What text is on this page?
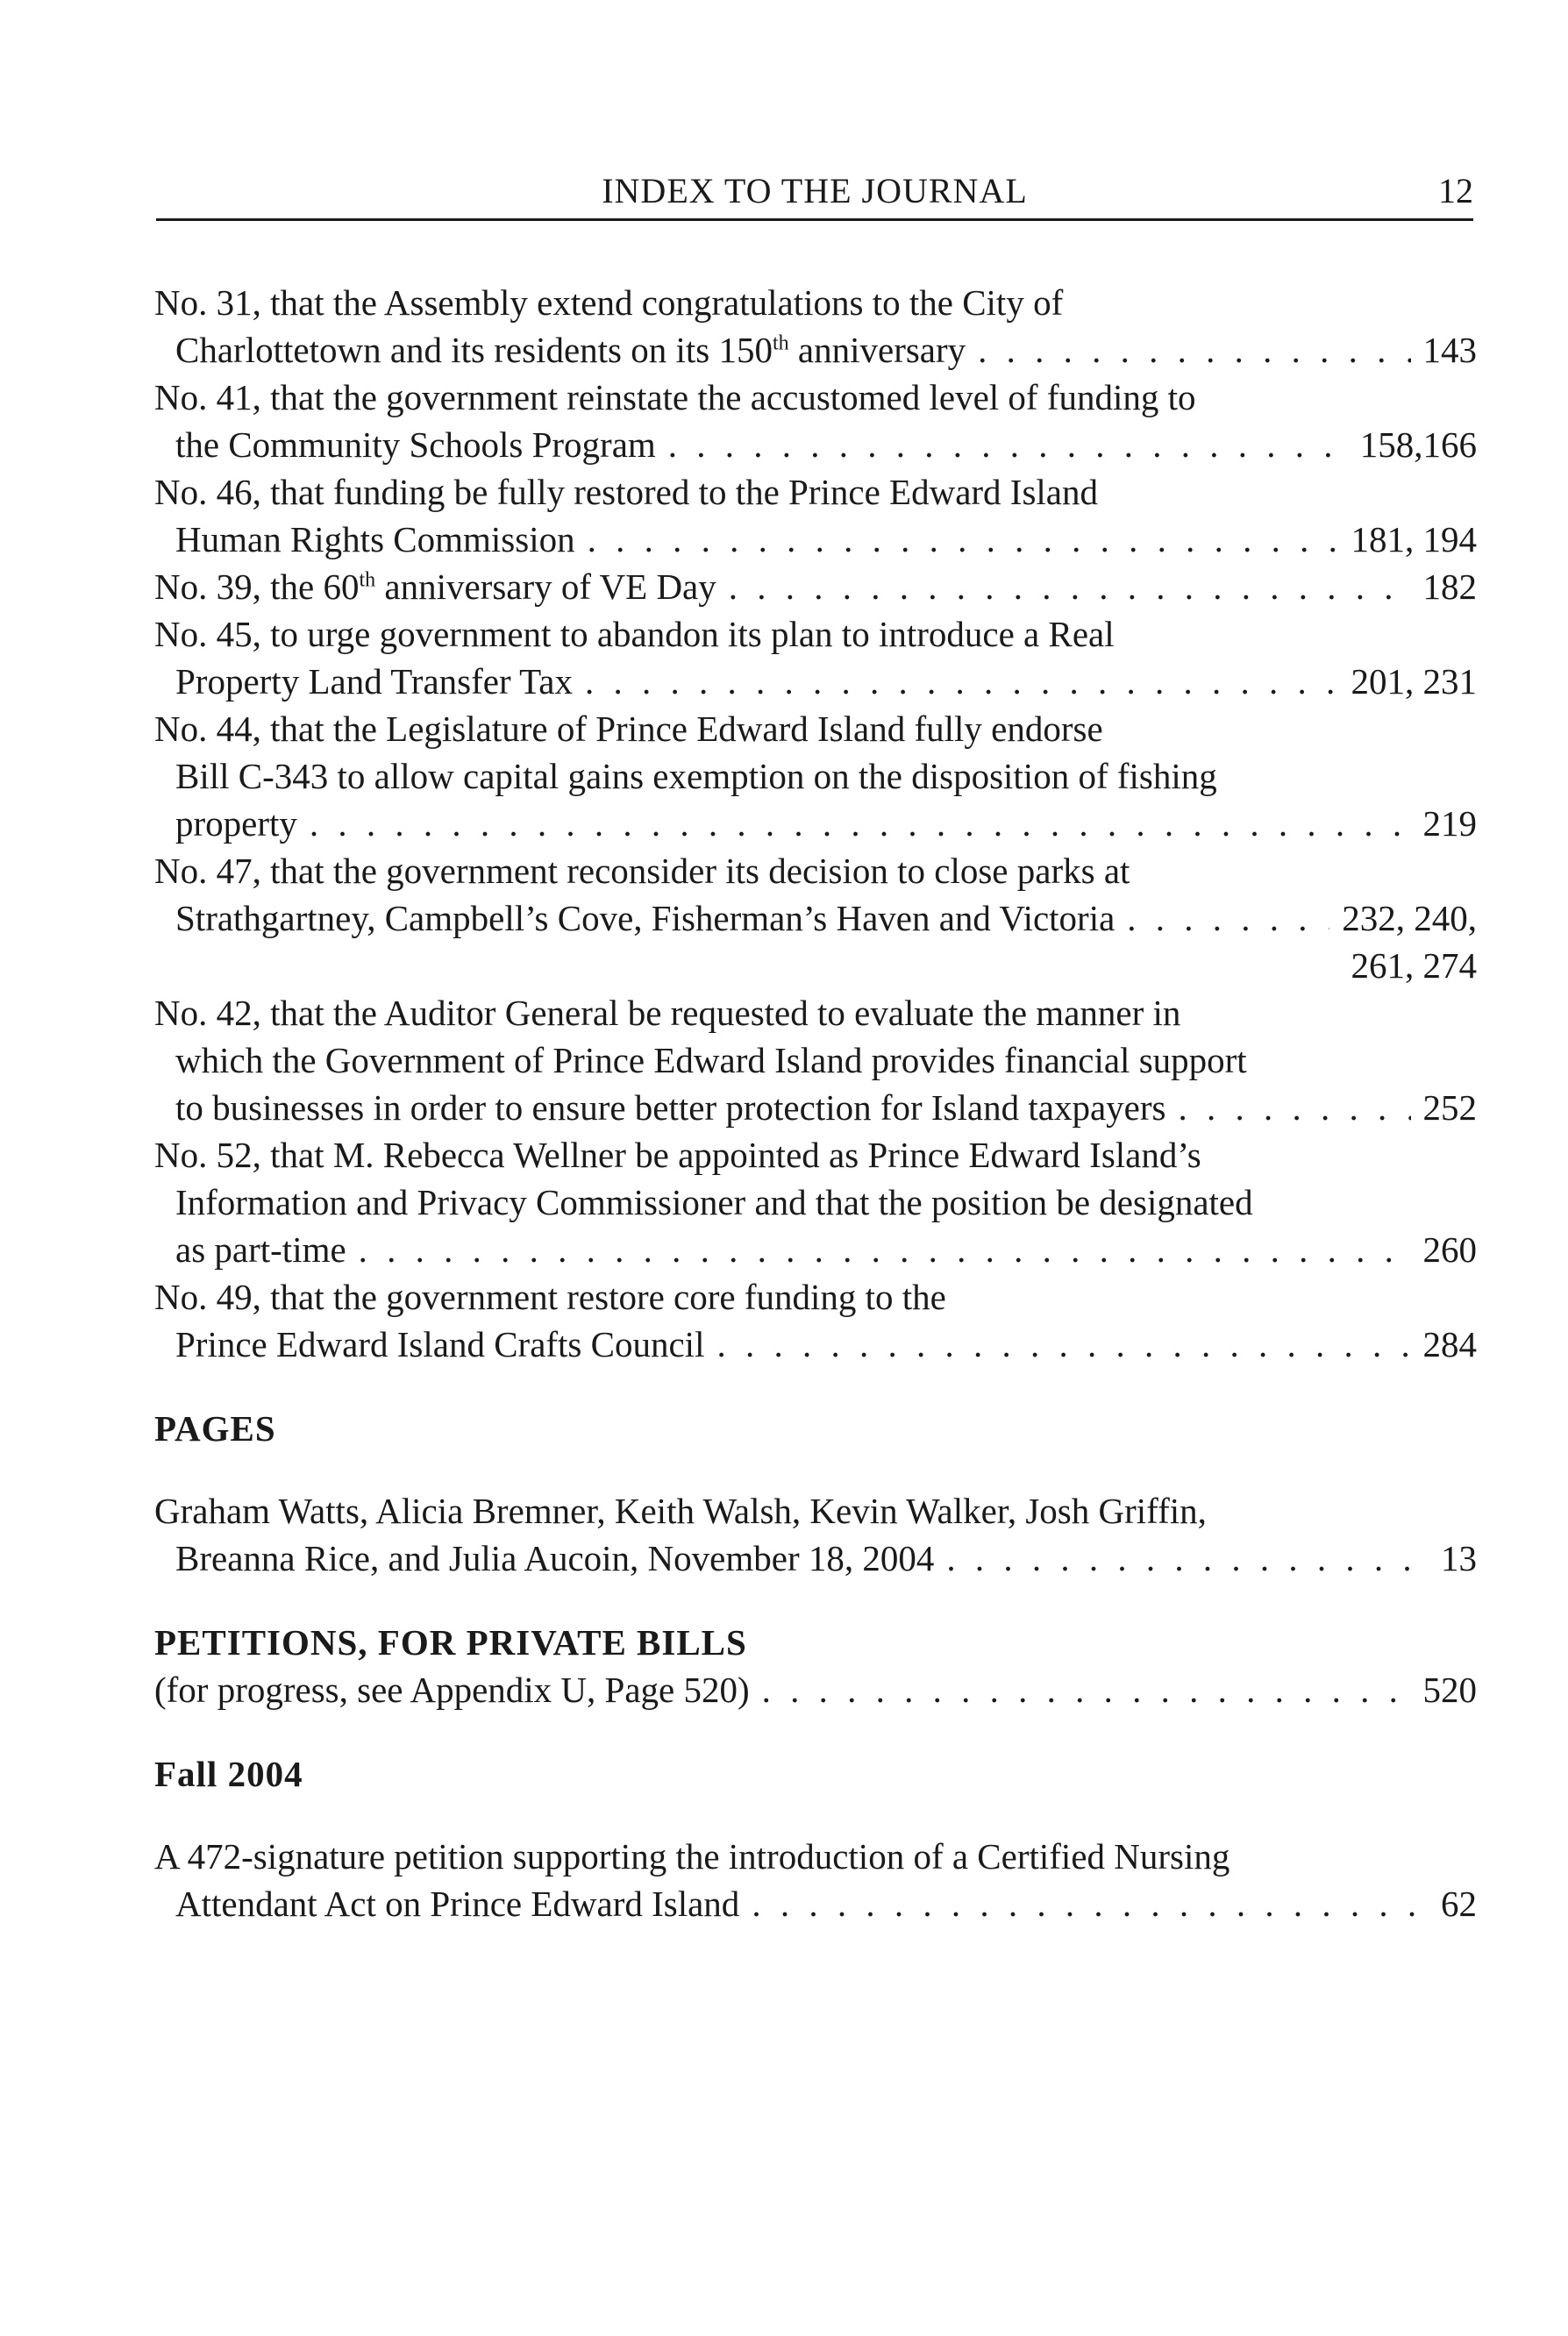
INDEX TO THE JOURNAL	12
No. 31, that the Assembly extend congratulations to the City of
Charlottetown and its residents on its 150th anniversary . . .	143
No. 41, that the government reinstate the accustomed level of funding to
the Community Schools Program . . .	158,166
No. 46, that funding be fully restored to the Prince Edward Island
Human Rights Commission . . .	181, 194
No. 39, the 60th anniversary of VE Day . . .	182
No. 45, to urge government to abandon its plan to introduce a Real
Property Land Transfer Tax . . .	201, 231
No. 44, that the Legislature of Prince Edward Island fully endorse
Bill C-343 to allow capital gains exemption on the disposition of fishing
property . . .	219
No. 47, that the government reconsider its decision to close parks at
Strathgartney, Campbell’s Cove, Fisherman’s Haven and Victoria . . .	232, 240,
261, 274
No. 42, that the Auditor General be requested to evaluate the manner in
which the Government of Prince Edward Island provides financial support
to businesses in order to ensure better protection for Island taxpayers . . .	252
No. 52, that M. Rebecca Wellner be appointed as Prince Edward Island’s
Information and Privacy Commissioner and that the position be designated
as part-time . . .	260
No. 49, that the government restore core funding to the
Prince Edward Island Crafts Council . . .	284
PAGES
Graham Watts, Alicia Bremner, Keith Walsh, Kevin Walker, Josh Griffin,
Breanna Rice, and Julia Aucoin, November 18, 2004 . . .	13
PETITIONS, FOR PRIVATE BILLS
(for progress, see Appendix U, Page 520) . . .	520
Fall 2004
A 472-signature petition supporting the introduction of a Certified Nursing
Attendant Act on Prince Edward Island . . .	62
